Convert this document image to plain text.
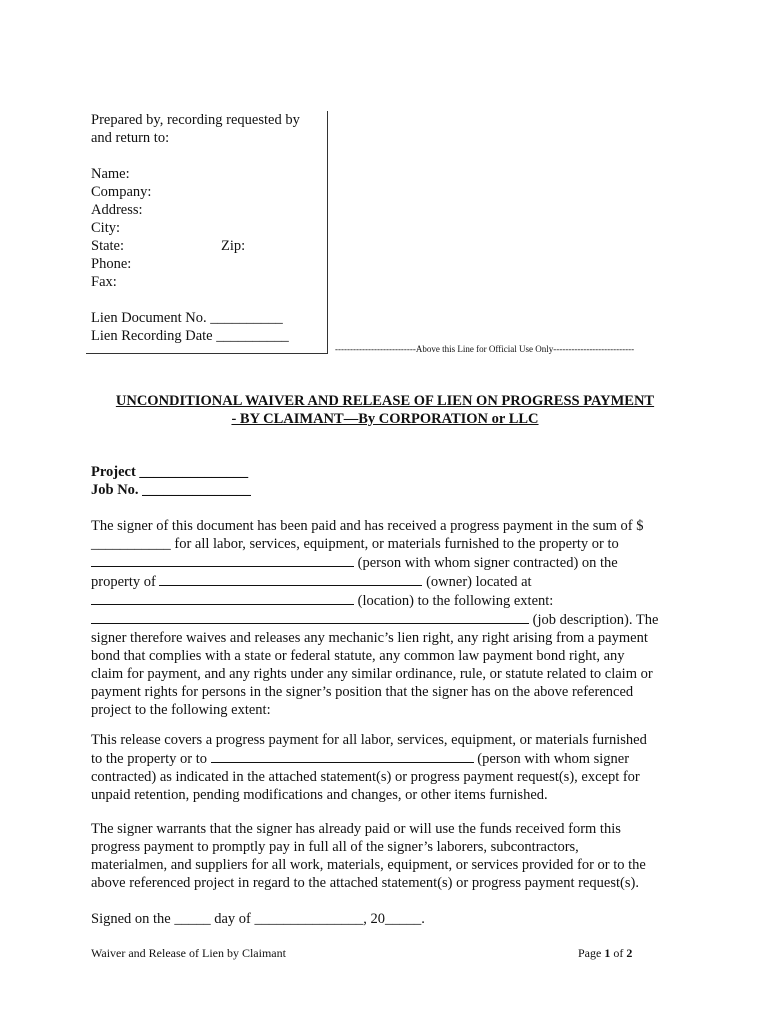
Prepared by, recording requested by
and return to:
Name:
Company:
Address:
City:
State:	Zip:
Phone:
Fax:
Lien Document No. __________
Lien Recording Date __________
---------------------------Above this Line for Official Use Only---------------------------
UNCONDITIONAL WAIVER AND RELEASE OF LIEN ON PROGRESS PAYMENT
- BY CLAIMANT—By CORPORATION or LLC
Project _______________
Job No. _______________
The signer of this document has been paid and has received a progress payment in the sum of $
___________ for all labor, services, equipment, or materials furnished to the property or to
(person with whom signer contracted) on the
property of	(owner) located at
(location) to the following extent:
(job description). The
signer therefore waives and releases any mechanic’s lien right, any right arising from a payment
bond that complies with a state or federal statute, any common law payment bond right, any
claim for payment, and any rights under any similar ordinance, rule, or statute related to claim or
payment rights for persons in the signer’s position that the signer has on the above referenced
project to the following extent:
This release covers a progress payment for all labor, services, equipment, or materials furnished
to the property or to	(person with whom signer
contracted) as indicated in the attached statement(s) or progress payment request(s), except for
unpaid retention, pending modifications and changes, or other items furnished.
The signer warrants that the signer has already paid or will use the funds received form this
progress payment to promptly pay in full all of the signer’s laborers, subcontractors,
materialmen, and suppliers for all work, materials, equipment, or services provided for or to the
above referenced project in regard to the attached statement(s) or progress payment request(s).
Signed on the _____ day of _______________, 20_____.
Waiver and Release of Lien by Claimant	Page 1 of 2
